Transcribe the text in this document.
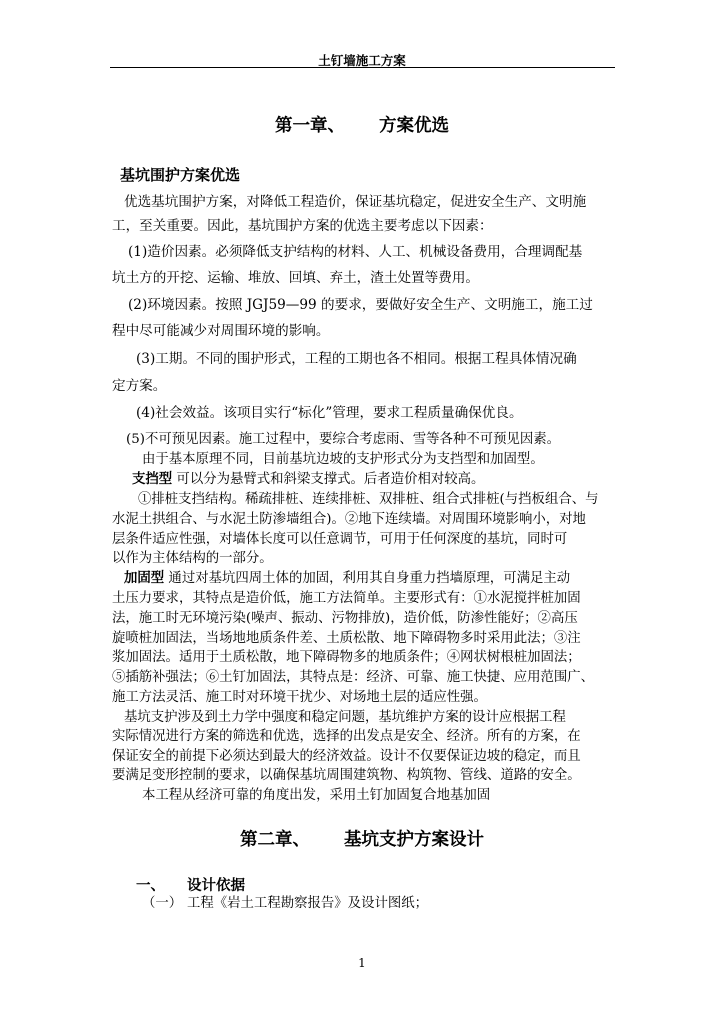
土钉墙施工方案
第一章、 方案优选
基坑围护方案优选
优选基坑围护方案，对降低工程造价，保证基坑稳定，促进安全生产、文明施
工，至关重要。因此，基坑围护方案的优选主要考虑以下因素：
(1)造价因素。必须降低支护结构的材料、人工、机械设备费用，合理调配基
坑土方的开挖、运输、堆放、回填、弃土，渣土处置等费用。
(2)环境因素。按照 JGJ59—99 的要求，要做好安全生产、文明施工，施工过
程中尽可能减少对周围环境的影响。
(3)工期。不同的围护形式，工程的工期也各不相同。根据工程具体情况确
定方案。
(4)社会效益。该项目实行“标化”管理，要求工程质量确保优良。
(5)不可预见因素。施工过程中，要综合考虑雨、雪等各种不可预见因素。
由于基本原理不同，目前基坑边坡的支护形式分为支挡型和加固型。
支挡型 可以分为悬臂式和斜梁支撑式。后者造价相对较高。
①排桩支挡结构。稀疏排桩、连续排桩、双排桩、组合式排桩(与挡板组合、与
水泥土拱组合、与水泥土防渗墙组合)。②地下连续墙。对周围环境影响小，对地
层条件适应性强，对墙体长度可以任意调节，可用于任何深度的基坑，同时可
以作为主体结构的一部分。
加固型 通过对基坑四周土体的加固，利用其自身重力挡墙原理，可满足主动
土压力要求，其特点是造价低，施工方法简单。主要形式有：①水泥搅拌桩加固
法，施工时无环境污染(噪声、振动、污物排放)，造价低，防渗性能好；②高压
旋喷桩加固法，当场地地质条件差、土质松散、地下障碍物多时采用此法；③注
浆加固法。适用于土质松散，地下障碍物多的地质条件；④网状树根桩加固法；
⑤插筋补强法；⑥土钉加固法，其特点是：经济、可靠、施工快捷、应用范围广、
施工方法灵活、施工时对环境干扰少、对场地土层的适应性强。
基坑支护涉及到土力学中强度和稳定问题，基坑维护方案的设计应根据工程
实际情况进行方案的筛选和优选，选择的出发点是安全、经济。所有的方案，在
保证安全的前提下必须达到最大的经济效益。设计不仅要保证边坡的稳定，而且
要满足变形控制的要求，以确保基坑周围建筑物、构筑物、管线、道路的安全。
本工程从经济可靠的角度出发，采用土钉加固复合地基加固
第二章、 基坑支护方案设计
一、 设计依据
（一） 工程《岩土工程勘察报告》及设计图纸；
1
